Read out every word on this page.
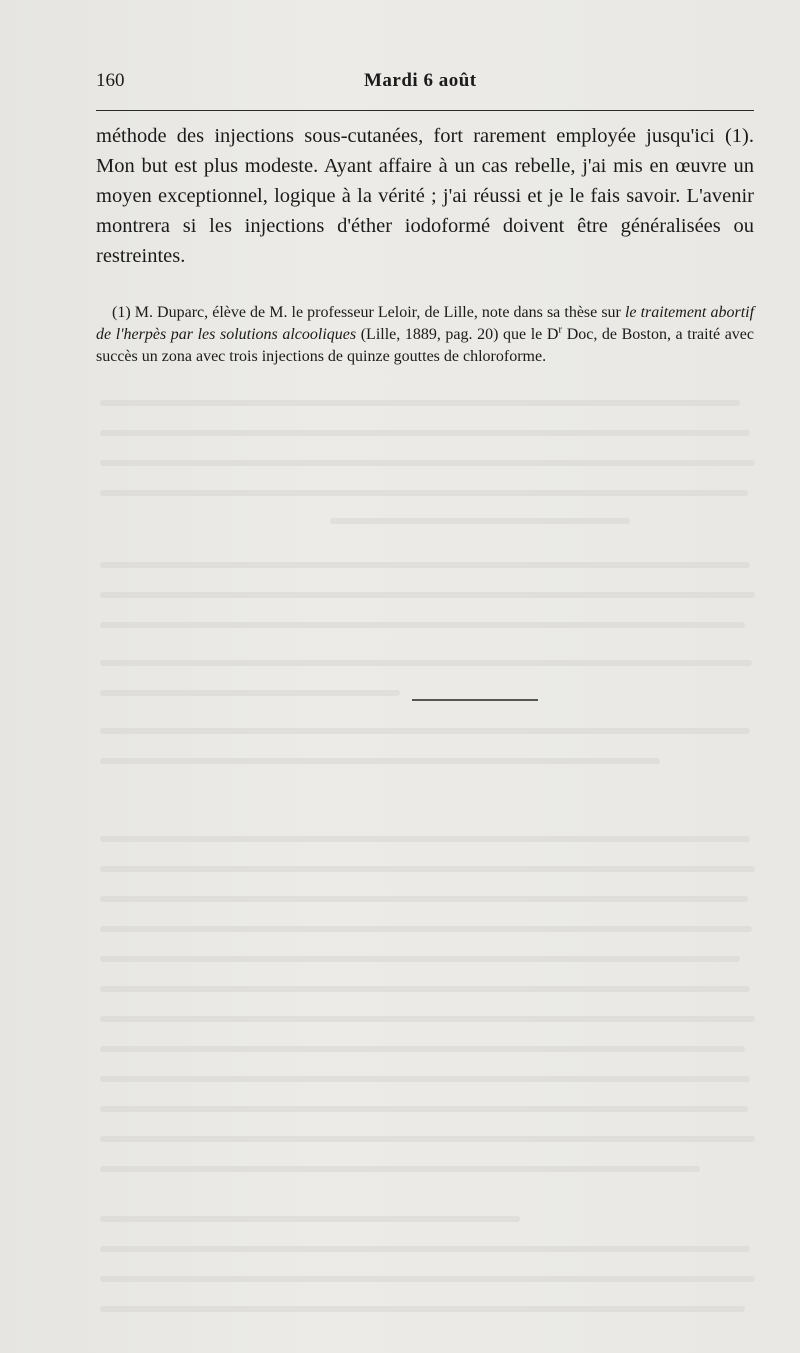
160	Mardi 6 août

méthode des injections sous-cutanées, fort rarement employée jusqu'ici (1). Mon but est plus modeste. Ayant affaire à un cas rebelle, j'ai mis en œuvre un moyen exceptionnel, logique à la vérité ; j'ai réussi et je le fais savoir. L'avenir montrera si les injections d'éther iodoformé doivent être généralisées ou restreintes.

(1) M. Duparc, élève de M. le professeur Leloir, de Lille, note dans sa thèse sur le traitement abortif de l'herpès par les solutions alcooliques (Lille, 1889, pag. 20) que le $D^r$ Doc, de Boston, a traité avec succès un zona avec trois injections de quinze gouttes de chloroforme.
